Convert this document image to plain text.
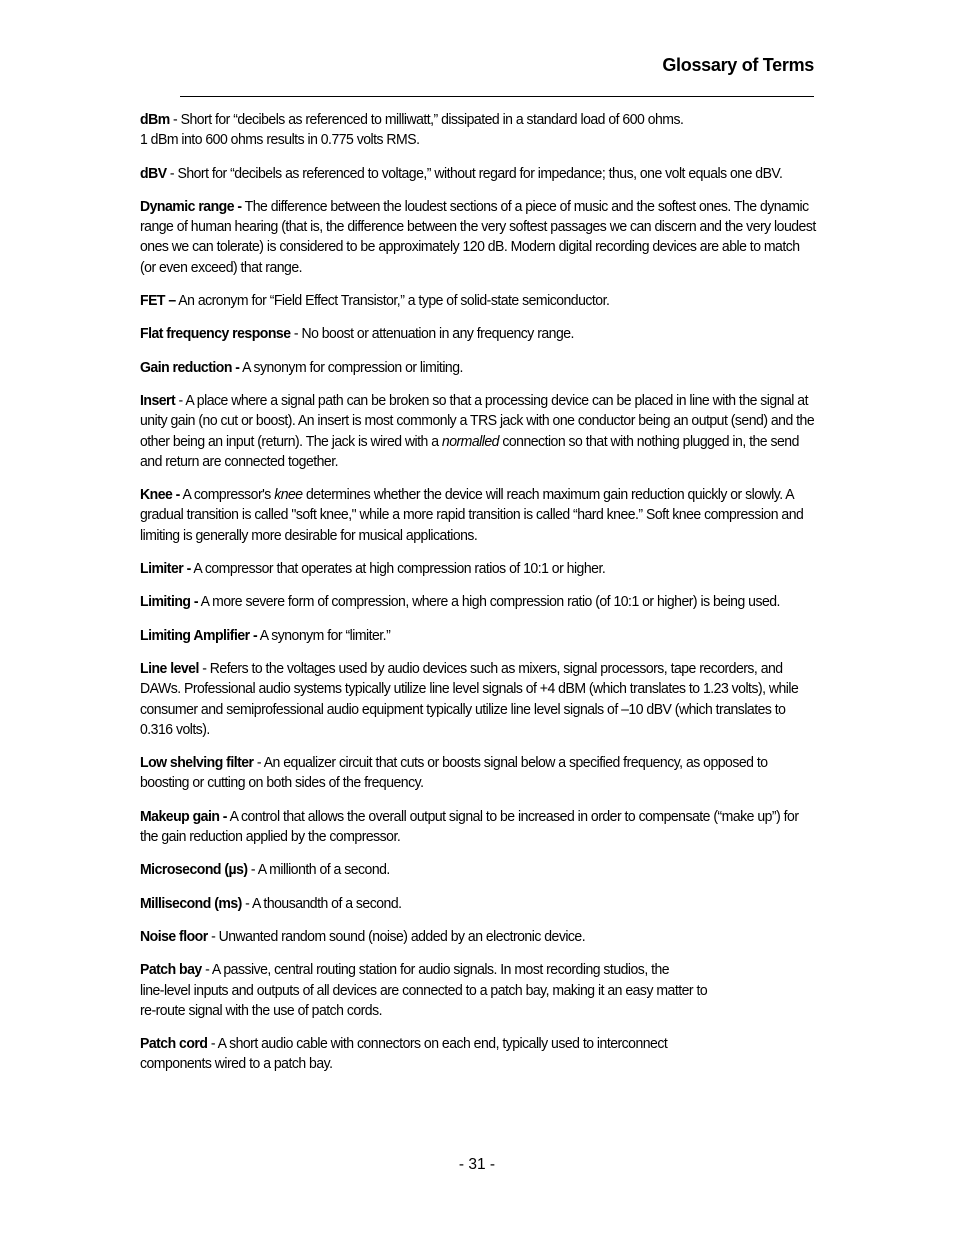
Glossary of Terms

dBm - Short for “decibels as referenced to milliwatt,” dissipated in a standard load of 600 ohms.
1 dBm into 600 ohms results in 0.775 volts RMS.

dBV - Short for “decibels as referenced to voltage,” without regard for impedance; thus, one volt equals one dBV.

Dynamic range - The difference between the loudest sections of a piece of music and the softest ones. The dynamic range of human hearing (that is, the difference between the very softest passages we can discern and the very loudest ones we can tolerate) is considered to be approximately 120 dB. Modern digital recording devices are able to match (or even exceed) that range.

FET – An acronym for “Field Effect Transistor,” a type of solid-state semiconductor.

Flat frequency response - No boost or attenuation in any frequency range.

Gain reduction - A synonym for compression or limiting.

Insert - A place where a signal path can be broken so that a processing device can be placed in line with the signal at unity gain (no cut or boost). An insert is most commonly a TRS jack with one conductor being an output (send) and the other being an input (return). The jack is wired with a normalled connection so that with nothing plugged in, the send and return are connected together.

Knee - A compressor's knee determines whether the device will reach maximum gain reduction quickly or slowly. A gradual transition is called "soft knee," while a more rapid transition is called “hard knee.” Soft knee compression and limiting is generally more desirable for musical applications.

Limiter - A compressor that operates at high compression ratios of 10:1 or higher.

Limiting - A more severe form of compression, where a high compression ratio (of 10:1 or higher) is being used.

Limiting Amplifier - A synonym for “limiter.”

Line level - Refers to the voltages used by audio devices such as mixers, signal processors, tape recorders, and DAWs. Professional audio systems typically utilize line level signals of +4 dBM (which translates to 1.23 volts), while consumer and semiprofessional audio equipment typically utilize line level signals of –10 dBV (which translates to 0.316 volts).

Low shelving filter - An equalizer circuit that cuts or boosts signal below a specified frequency, as opposed to boosting or cutting on both sides of the frequency.

Makeup gain - A control that allows the overall output signal to be increased in order to compensate (“make up”) for the gain reduction applied by the compressor.

Microsecond (µs) - A millionth of a second.

Millisecond (ms) - A thousandth of a second.

Noise floor - Unwanted random sound (noise) added by an electronic device.

Patch bay - A passive, central routing station for audio signals. In most recording studios, the
line-level inputs and outputs of all devices are connected to a patch bay, making it an easy matter to
re-route signal with the use of patch cords.

Patch cord - A short audio cable with connectors on each end, typically used to interconnect
components wired to a patch bay.

- 31 -
